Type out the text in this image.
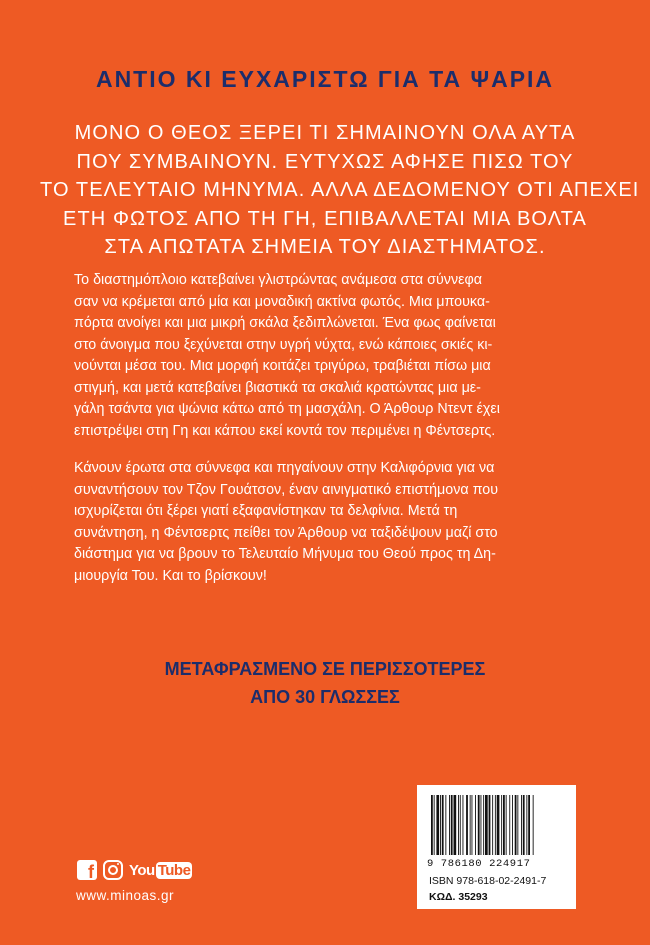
ΑΝΤΙΟ ΚΙ ΕΥΧΑΡΙΣΤΩ ΓΙΑ ΤΑ ΨΑΡΙΑ
ΜΟΝΟ Ο ΘΕΟΣ ΞΕΡΕΙ ΤΙ ΣΗΜΑΙΝΟΥΝ ΟΛΑ ΑΥΤΑ
ΠΟΥ ΣΥΜΒΑΙΝΟΥΝ. ΕΥΤΥΧΩΣ ΑΦΗΣΕ ΠΙΣΩ ΤΟΥ
ΤΟ ΤΕΛΕΥΤΑΙΟ ΜΗΝΥΜΑ. ΑΛΛΑ ΔΕΔΟΜΕΝΟΥ ΟΤΙ ΑΠΕΧΕΙ
ΕΤΗ ΦΩΤΟΣ ΑΠΟ ΤΗ ΓΗ, ΕΠΙΒΑΛΛΕΤΑΙ ΜΙΑ ΒΟΛΤΑ
ΣΤΑ ΑΠΩΤΑΤΑ ΣΗΜΕΙΑ ΤΟΥ ΔΙΑΣΤΗΜΑΤΟΣ.
Το διαστημόπλοιο κατεβαίνει γλιστρώντας ανάμεσα στα σύννεφα
σαν να κρέμεται από μία και μοναδική ακτίνα φωτός. Μια μπουκα-
πόρτα ανοίγει και μια μικρή σκάλα ξεδιπλώνεται. Ένα φως φαίνεται
στο άνοιγμα που ξεχύνεται στην υγρή νύχτα, ενώ κάποιες σκιές κι-
νούνται μέσα του. Μια μορφή κοιτάζει τριγύρω, τραβιέται πίσω μια
στιγμή, και μετά κατεβαίνει βιαστικά τα σκαλιά κρατώντας μια με-
γάλη τσάντα για ψώνια κάτω από τη μασχάλη. Ο Άρθουρ Ντεντ έχει
επιστρέψει στη Γη και κάπου εκεί κοντά τον περιμένει η Φέντσερτς.
Κάνουν έρωτα στα σύννεφα και πηγαίνουν στην Καλιφόρνια για να
συναντήσουν τον Τζον Γουάτσον, έναν αινιγματικό επιστήμονα που
ισχυρίζεται ότι ξέρει γιατί εξαφανίστηκαν τα δελφίνια. Μετά τη
συνάντηση, η Φέντσερτς πείθει τον Άρθουρ να ταξιδέψουν μαζί στο
διάστημα για να βρουν το Τελευταίο Μήνυμα του Θεού προς τη Δη-
μιουργία Του. Και το βρίσκουν!
ΜΕΤΑΦΡΑΣΜΕΝΟ ΣΕ ΠΕΡΙΣΣΟΤΕΡΕΣ
ΑΠΟ 30 ΓΛΩΣΣΕΣ
f You Tube
www.minoas.gr
9 786180 224917
ISBN 978-618-02-2491-7
ΚΩΔ. 35293
